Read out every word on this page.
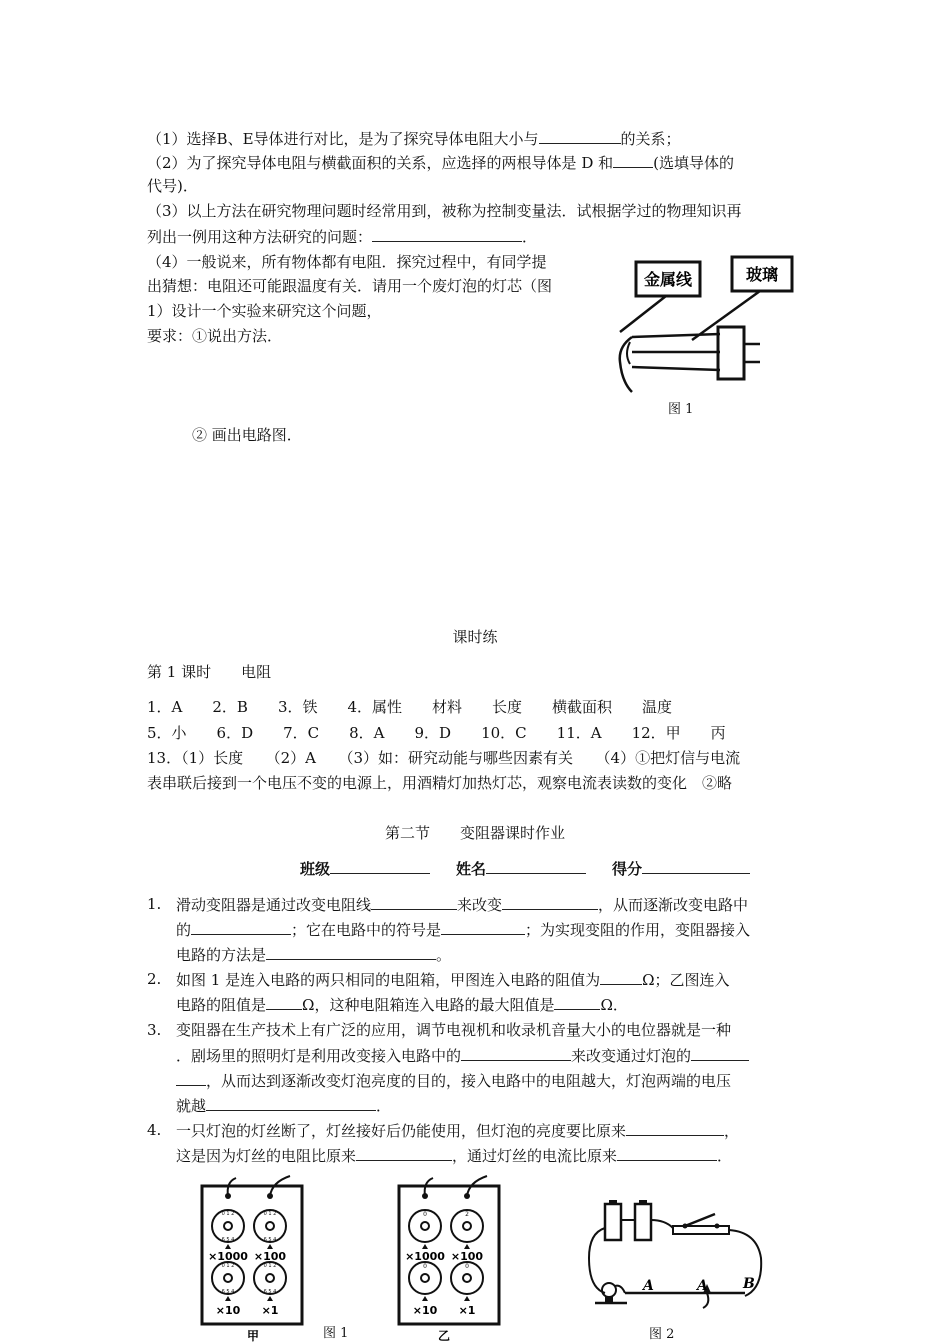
（1）选择B、E导体进行对比，是为了探究导体电阻大小与	的关系；
（2）为了探究导体电阻与横截面积的关系，应选择的两根导体是 D 和	(选填导体的
代号)．
（3）以上方法在研究物理问题时经常用到，被称为控制变量法．试根据学过的物理知识再
列出一例用这种方法研究的问题：	．
（4）一般说来，所有物体都有电阻．探究过程中，有同学提
出猜想：电阻还可能跟温度有关．请用一个废灯泡的灯芯（图
1）设计一个实验来研究这个问题，
要求：①说出方法．
② 画出电路图．
金属线	玻璃
图 1
课时练
第 1 课时　　电阻
1．A　　2．B　　3．铁　　4．属性　　材料　　长度　　横截面积　　温度
5．小　　6．D　　7．C　　8．A　　9．D　　10．C　　11．A　　12．甲　　丙
13．（1）长度　　（2）A　　（3）如：研究动能与哪些因素有关　　（4）①把灯信与电流
表串联后接到一个电压不变的电源上，用酒精灯加热灯芯，观察电流表读数的变化　②略
第二节　　变阻器课时作业
班级	姓名	得分
1. 滑动变阻器是通过改变电阻线	来改变	，从而逐渐改变电路中
的	；它在电路中的符号是	；为实现变阻的作用，变阻器接入
电路的方法是	。
2. 如图 1 是连入电路的两只相同的电阻箱，甲图连入电路的阻值为	Ω；乙图连入
电路的阻值是 Ω，这种电阻箱连入电路的最大阻值是	Ω．
3. 变阻器在生产技术上有广泛的应用，调节电视机和收录机音量大小的电位器就是一种
．剧场里的照明灯是利用改变接入电路中的	来改变通过灯泡的
，从而达到逐渐改变灯泡亮度的目的，接入电路中的电阻越大，灯泡两端的电压
就越	．
4. 一只灯泡的灯丝断了，灯丝接好后仍能使用，但灯泡的亮度要比原来	，
这是因为灯丝的电阻比原来	，通过灯丝的电流比原来	．
0 1 2
6 5 4
0 1 2
6 5 4
0 1 2
6 5 4
0 1 2
6 5 4
×1000 ×100
×10 ×1
甲	图 1
0	2
0	0
×1000 ×100
×10 ×1
乙
A	A	B
图 2
